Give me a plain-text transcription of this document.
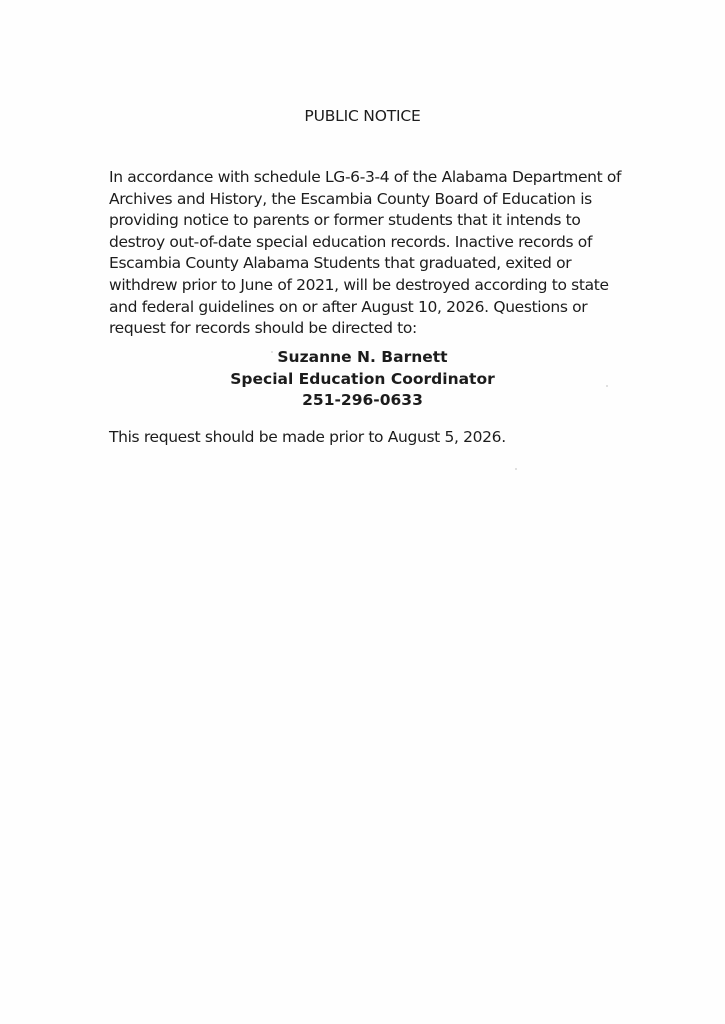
PUBLIC NOTICE

In accordance with schedule LG-6-3-4 of the Alabama Department of
Archives and History, the Escambia County Board of Education is
providing notice to parents or former students that it intends to
destroy out-of-date special education records. Inactive records of
Escambia County Alabama Students that graduated, exited or
withdrew prior to June of 2021, will be destroyed according to state
and federal guidelines on or after August 10, 2026. Questions or
request for records should be directed to:

Suzanne N. Barnett
Special Education Coordinator
251-296-0633
This request should be made prior to August 5, 2026.
